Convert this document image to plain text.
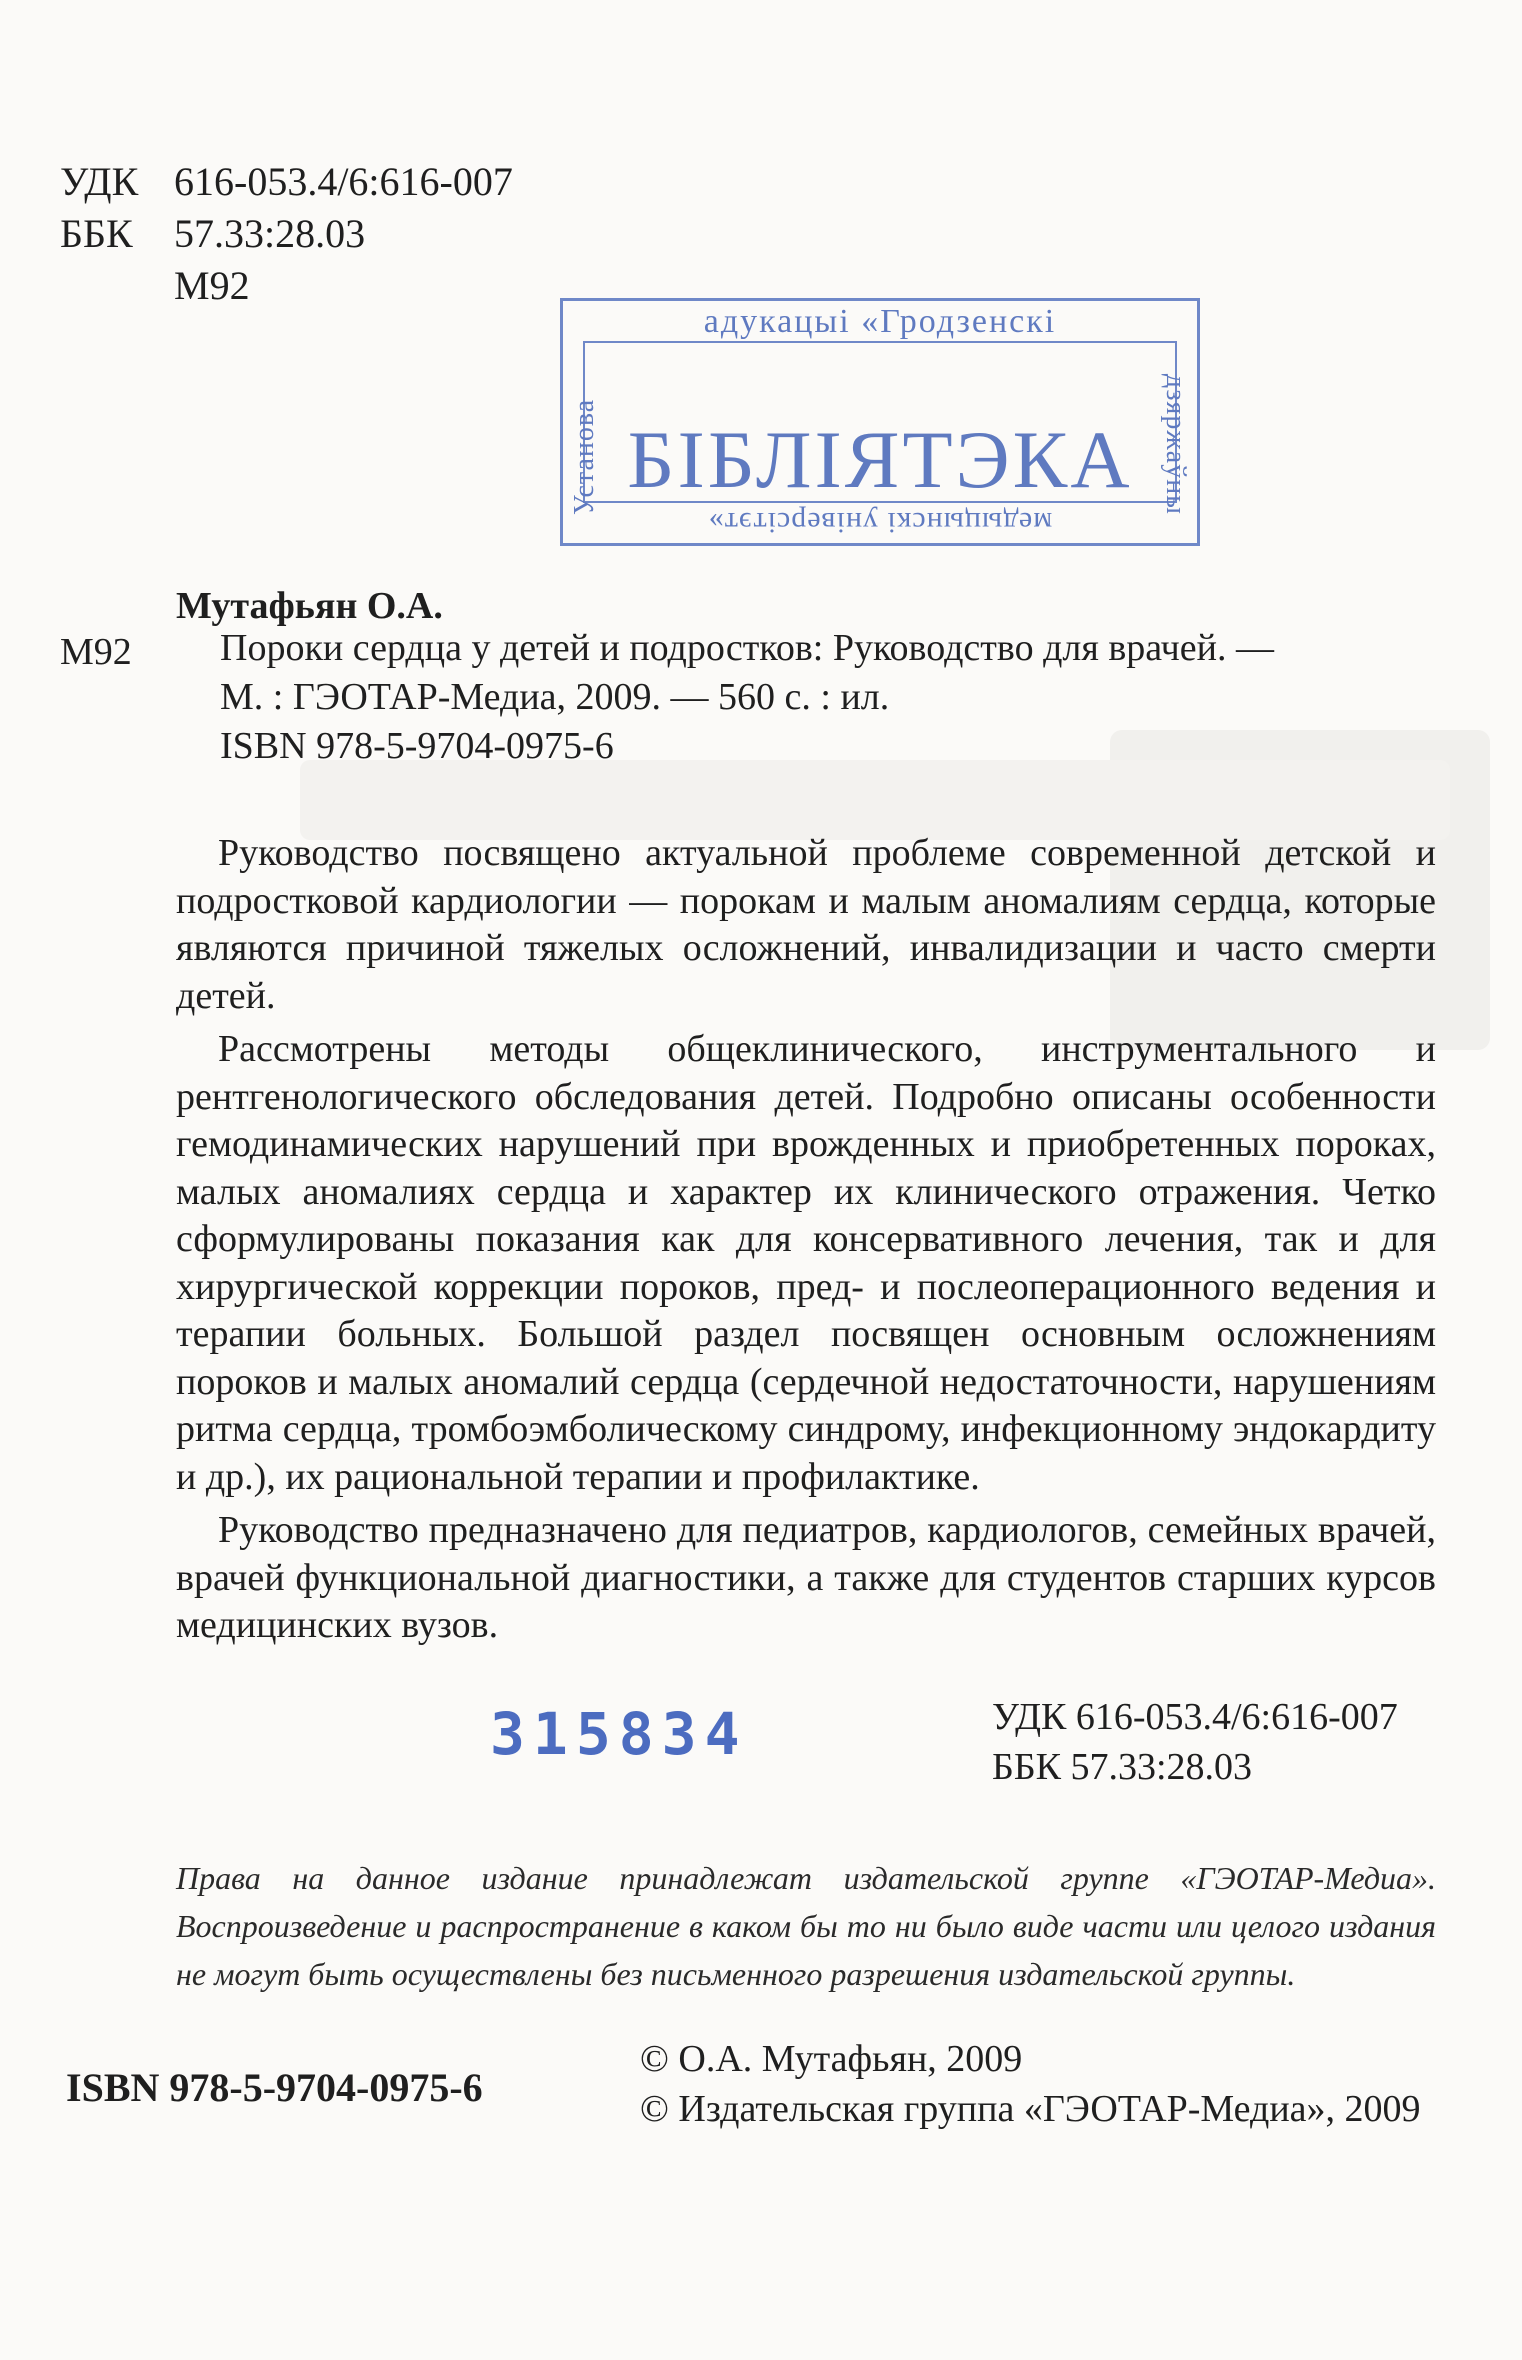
УДК 616-053.4/6:616-007
ББК	57.33:28.03
М92
адукацыі «Гродзенскі
БІБЛІЯТЭКА
Установа	дзяржаўны
медыцынскі універсітэт»
Мутафьян О.А.
М92	Пороки сердца у детей и подростков: Руководство для врачей. —
М. : ГЭОТАР-Медиа, 2009. — 560 с. : ил.
ISBN 978-5-9704-0975-6

Руководство посвящено актуальной проблеме современной детской и подростковой кардиологии — порокам и малым аномалиям сердца, которые являются причиной тяжелых осложнений, инвалидизации и часто смерти детей.

Рассмотрены методы общеклинического, инструментального и рентгенологического обследования детей. Подробно описаны особенности гемодинамических нарушений при врожденных и приобретенных пороках, малых аномалиях сердца и характер их клинического отражения. Четко сформулированы показания как для консервативного лечения, так и для хирургической коррекции пороков, пред- и послеоперационного ведения и терапии больных. Большой раздел посвящен основным осложнениям пороков и малых аномалий сердца (сердечной недостаточности, нарушениям ритма сердца, тромбоэмболическому синдрому, инфекционному эндокардиту и др.), их рациональной терапии и профилактике.

Руководство предназначено для педиатров, кардиологов, семейных врачей, врачей функциональной диагностики, а также для студентов старших курсов медицинских вузов.

315834	УДК 616-053.4/6:616-007
ББК 57.33:28.03
Права на данное издание принадлежат издательской группе «ГЭОТАР-Медиа». Воспроизведение и распространение в каком бы то ни было виде части или целого издания не могут быть осуществлены без письменного разрешения издательской группы.
ISBN 978-5-9704-0975-6
© О.А. Мутафьян, 2009
© Издательская группа «ГЭОТАР-Медиа», 2009
